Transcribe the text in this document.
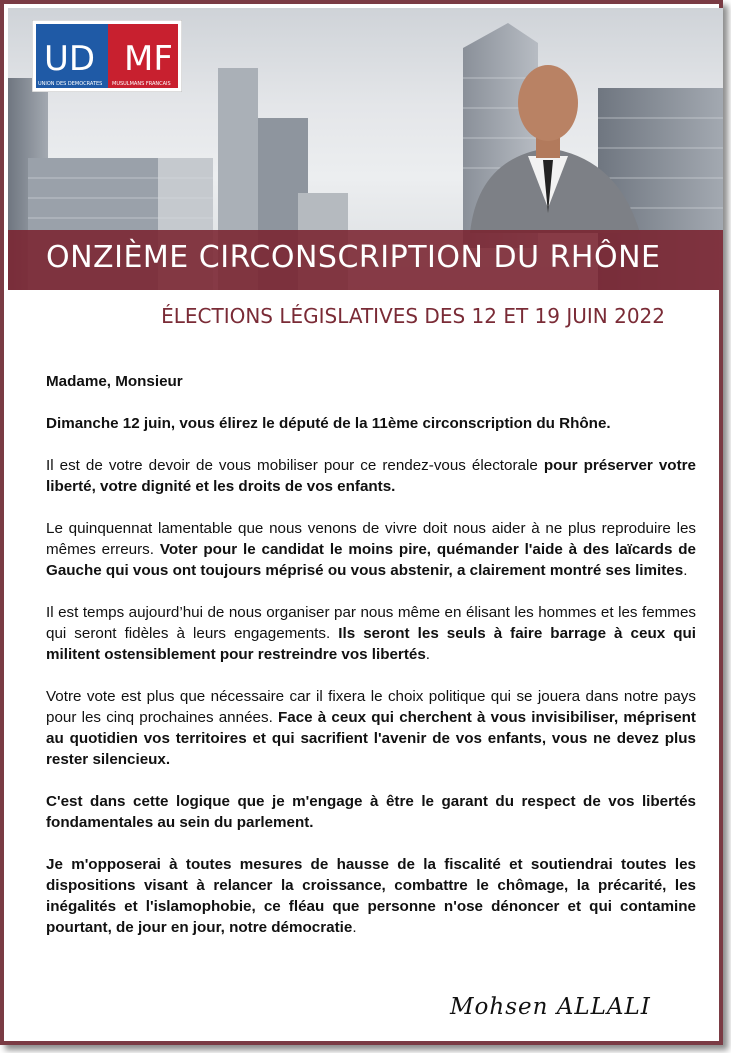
ONZIÈME CIRCONSCRIPTION DU RHÔNE
UD MF
UNION DES DEMOCRATES MUSULMANS FRANCAIS
ÉLECTIONS LÉGISLATIVES DES 12 ET 19 JUIN 2022

Madame, Monsieur

Dimanche 12 juin, vous élirez le député de la 11ème circonscription du Rhône.

Il est de votre devoir de vous mobiliser pour ce rendez-vous électorale pour préserver votre liberté, votre dignité et les droits de vos enfants.

Le quinquennat lamentable que nous venons de vivre doit nous aider à ne plus reproduire les mêmes erreurs. Voter pour le candidat le moins pire, quémander l'aide à des laïcards de Gauche qui vous ont toujours méprisé ou vous abstenir, a clairement montré ses limites.

Il est temps aujourd’hui de nous organiser par nous même en élisant les hommes et les femmes qui seront fidèles à leurs engagements. Ils seront les seuls à faire barrage à ceux qui militent ostensiblement pour restreindre vos libertés.

Votre vote est plus que nécessaire car il fixera le choix politique qui se jouera dans notre pays pour les cinq prochaines années. Face à ceux qui cherchent à vous invisibiliser, méprisent au quotidien vos territoires et qui sacrifient l'avenir de vos enfants, vous ne devez plus rester silencieux.

C'est dans cette logique que je m'engage à être le garant du respect de vos libertés fondamentales au sein du parlement.

Je m'opposerai à toutes mesures de hausse de la fiscalité et soutiendrai toutes les dispositions visant à relancer la croissance, combattre le chômage, la précarité, les inégalités et l'islamophobie, ce fléau que personne n'ose dénoncer et qui contamine pourtant, de jour en jour, notre démocratie.

Mohsen ALLALI
